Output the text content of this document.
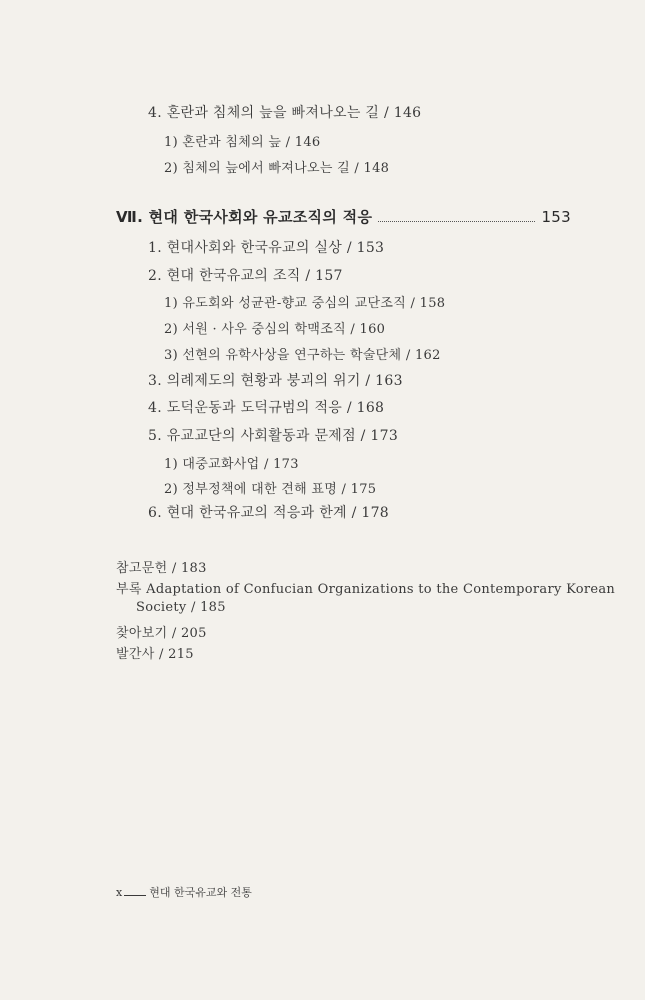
4. 혼란과 침체의 늪을 빠져나오는 길 / 146
1) 혼란과 침체의 늪 / 146
2) 침체의 늪에서 빠져나오는 길 / 148
Ⅶ. 현대 한국사회와 유교조직의 적응	153
1. 현대사회와 한국유교의 실상 / 153
2. 현대 한국유교의 조직 / 157
1) 유도회와 성균관-향교 중심의 교단조직 / 158
2) 서원 · 사우 중심의 학맥조직 / 160
3) 선현의 유학사상을 연구하는 학술단체 / 162
3. 의례제도의 현황과 붕괴의 위기 / 163
4. 도덕운동과 도덕규범의 적응 / 168
5. 유교교단의 사회활동과 문제점 / 173
1) 대중교화사업 / 173
2) 정부정책에 대한 견해 표명 / 175
6. 현대 한국유교의 적응과 한계 / 178
참고문헌 / 183
부록 Adaptation of Confucian Organizations to the Contemporary Korean
Society / 185
찾아보기 / 205
발간사 / 215
x 현대 한국유교와 전통
